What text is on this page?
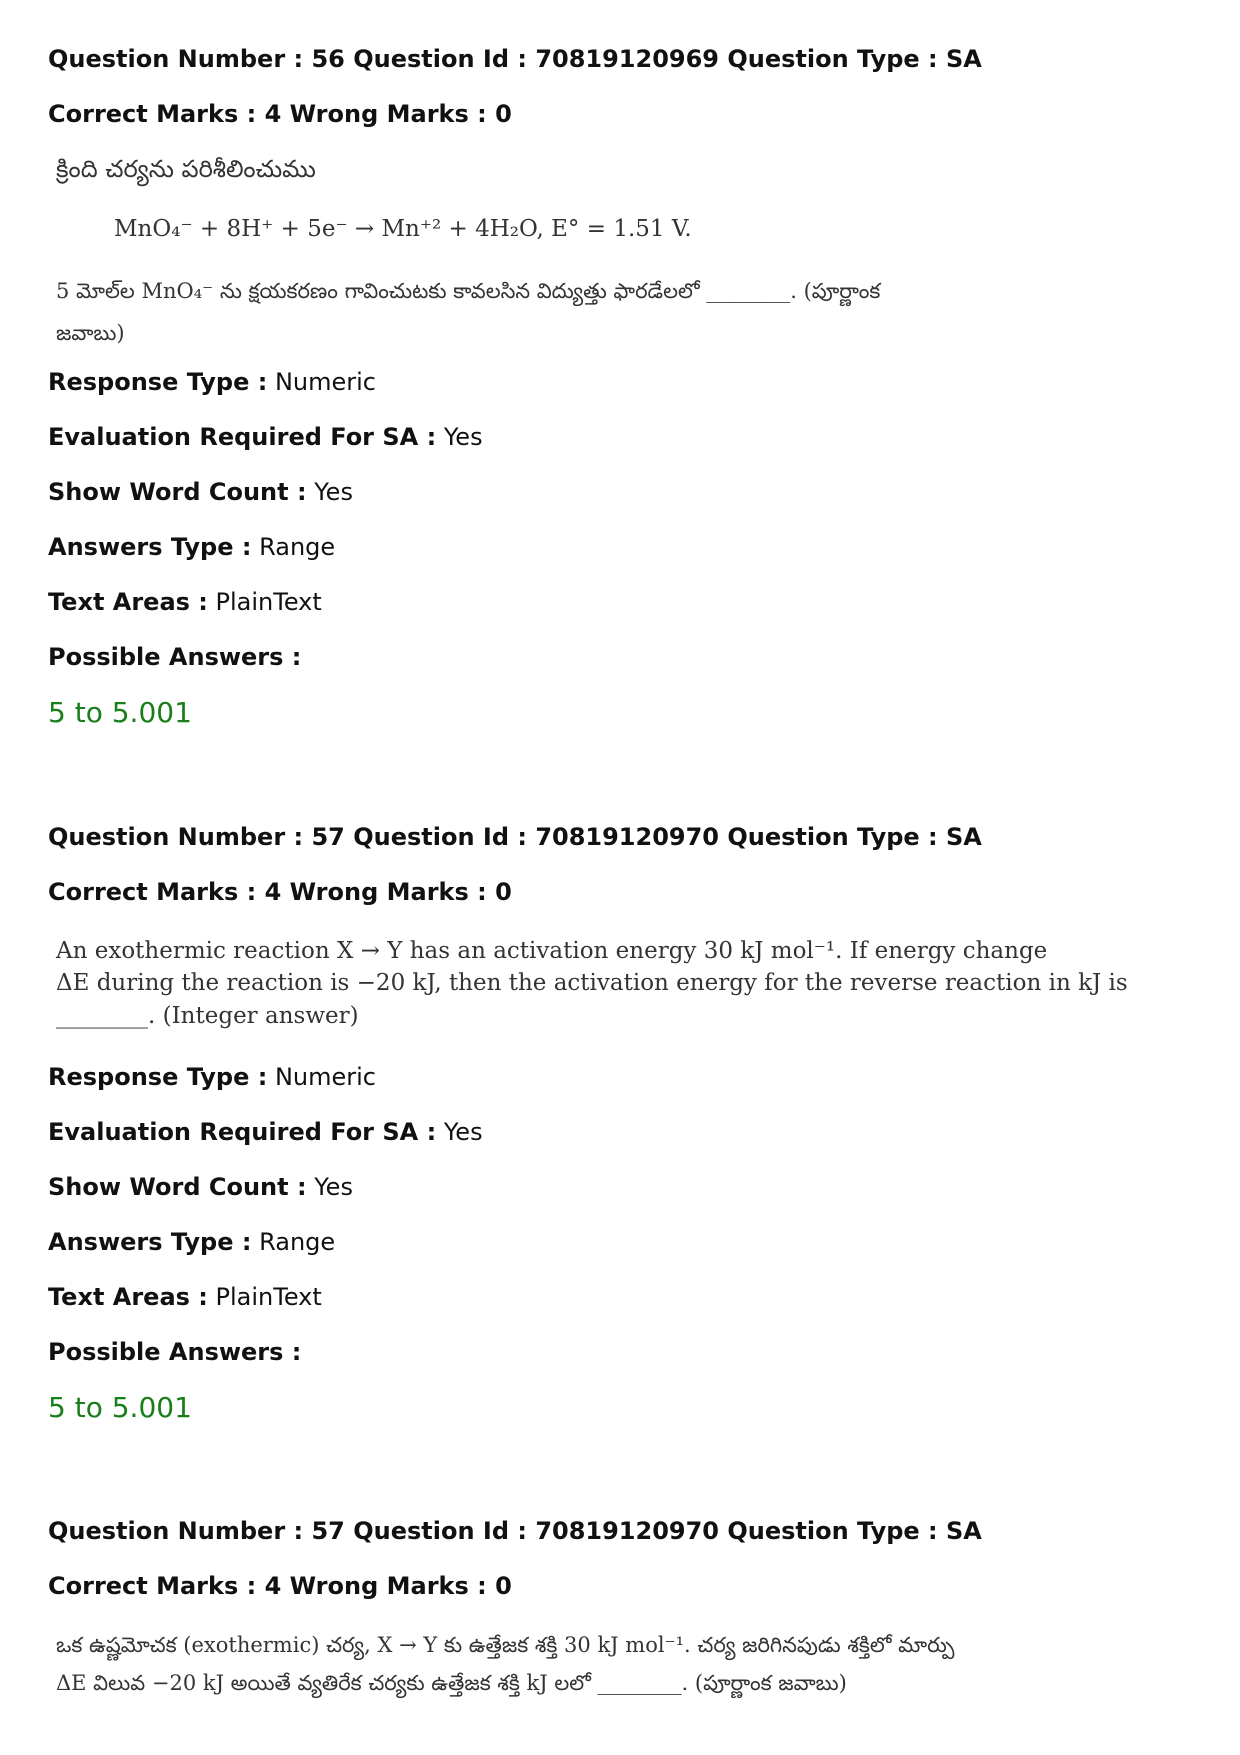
Question Number : 56 Question Id : 70819120969 Question Type : SA
Correct Marks : 4 Wrong Marks : 0
క్రింది చర్యను పరిశీలించుము
MnO₄⁻ + 8H⁺ + 5e⁻ → Mn⁺² + 4H₂O, E° = 1.51 V.
5 మోల్‌ల MnO₄⁻ ను క్షయకరణం గావించుటకు కావలసిన విద్యుత్తు ఫారడేలలో ________. (పూర్ణాంక
జవాబు)
Response Type : Numeric
Evaluation Required For SA : Yes
Show Word Count : Yes
Answers Type : Range
Text Areas : PlainText
Possible Answers :
5 to 5.001
Question Number : 57 Question Id : 70819120970 Question Type : SA
Correct Marks : 4 Wrong Marks : 0
An exothermic reaction X → Y has an activation energy 30 kJ mol⁻¹. If energy change
ΔE during the reaction is −20 kJ, then the activation energy for the reverse reaction in kJ is
________. (Integer answer)
Response Type : Numeric
Evaluation Required For SA : Yes
Show Word Count : Yes
Answers Type : Range
Text Areas : PlainText
Possible Answers :
5 to 5.001
Question Number : 57 Question Id : 70819120970 Question Type : SA
Correct Marks : 4 Wrong Marks : 0
ఒక ఉష్ణమోచక (exothermic) చర్య, X → Y కు ఉత్తేజక శక్తి 30 kJ mol⁻¹. చర్య జరిగినపుడు శక్తిలో మార్పు
ΔE విలువ −20 kJ అయితే వ్యతిరేక చర్యకు ఉత్తేజక శక్తి kJ లలో ________. (పూర్ణాంక జవాబు)
